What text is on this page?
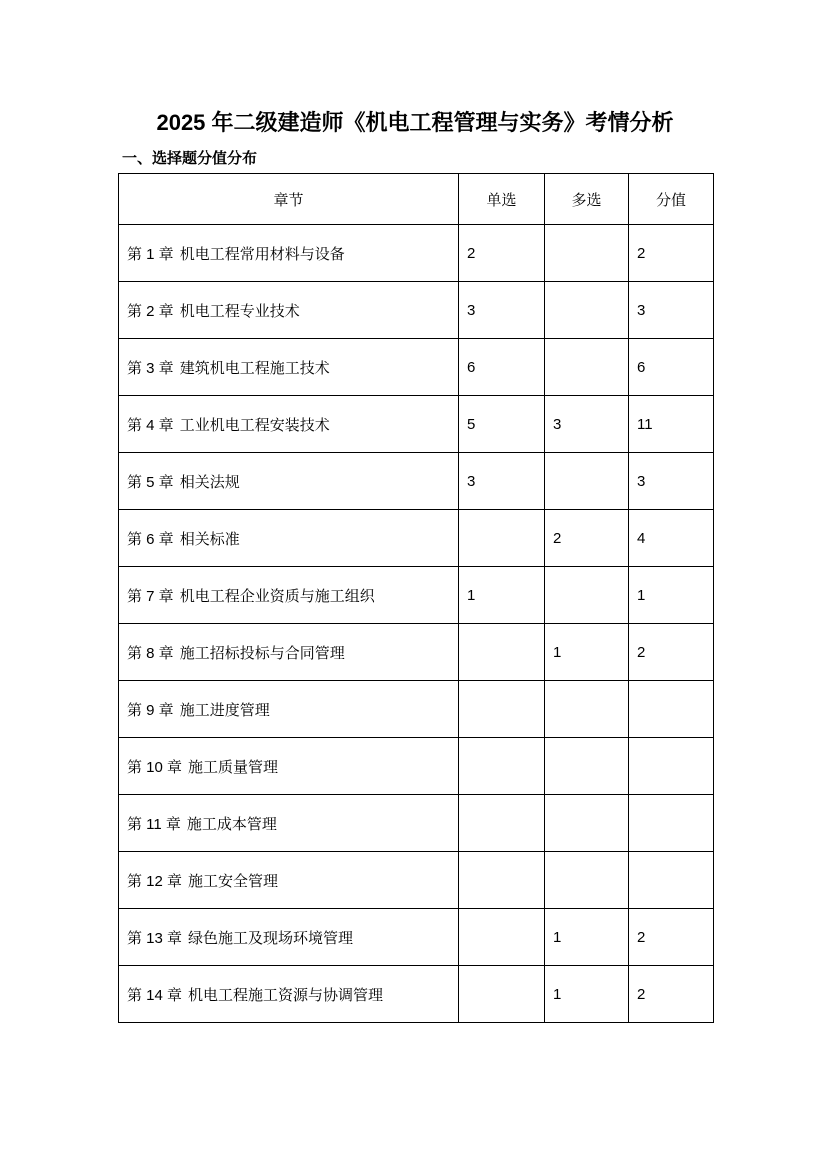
2025 年二级建造师《机电工程管理与实务》考情分析
一、选择题分值分布
章节	单选	多选	分值
第 1 章 机电工程常用材料与设备	2		2
第 2 章 机电工程专业技术	3		3
第 3 章 建筑机电工程施工技术	6		6
第 4 章 工业机电工程安装技术	5	3	11
第 5 章 相关法规	3		3
第 6 章 相关标准		2	4
第 7 章 机电工程企业资质与施工组织	1		1
第 8 章 施工招标投标与合同管理		1	2
第 9 章 施工进度管理			
第 10 章 施工质量管理			
第 11 章 施工成本管理			
第 12 章 施工安全管理			
第 13 章 绿色施工及现场环境管理		1	2
第 14 章 机电工程施工资源与协调管理		1	2
